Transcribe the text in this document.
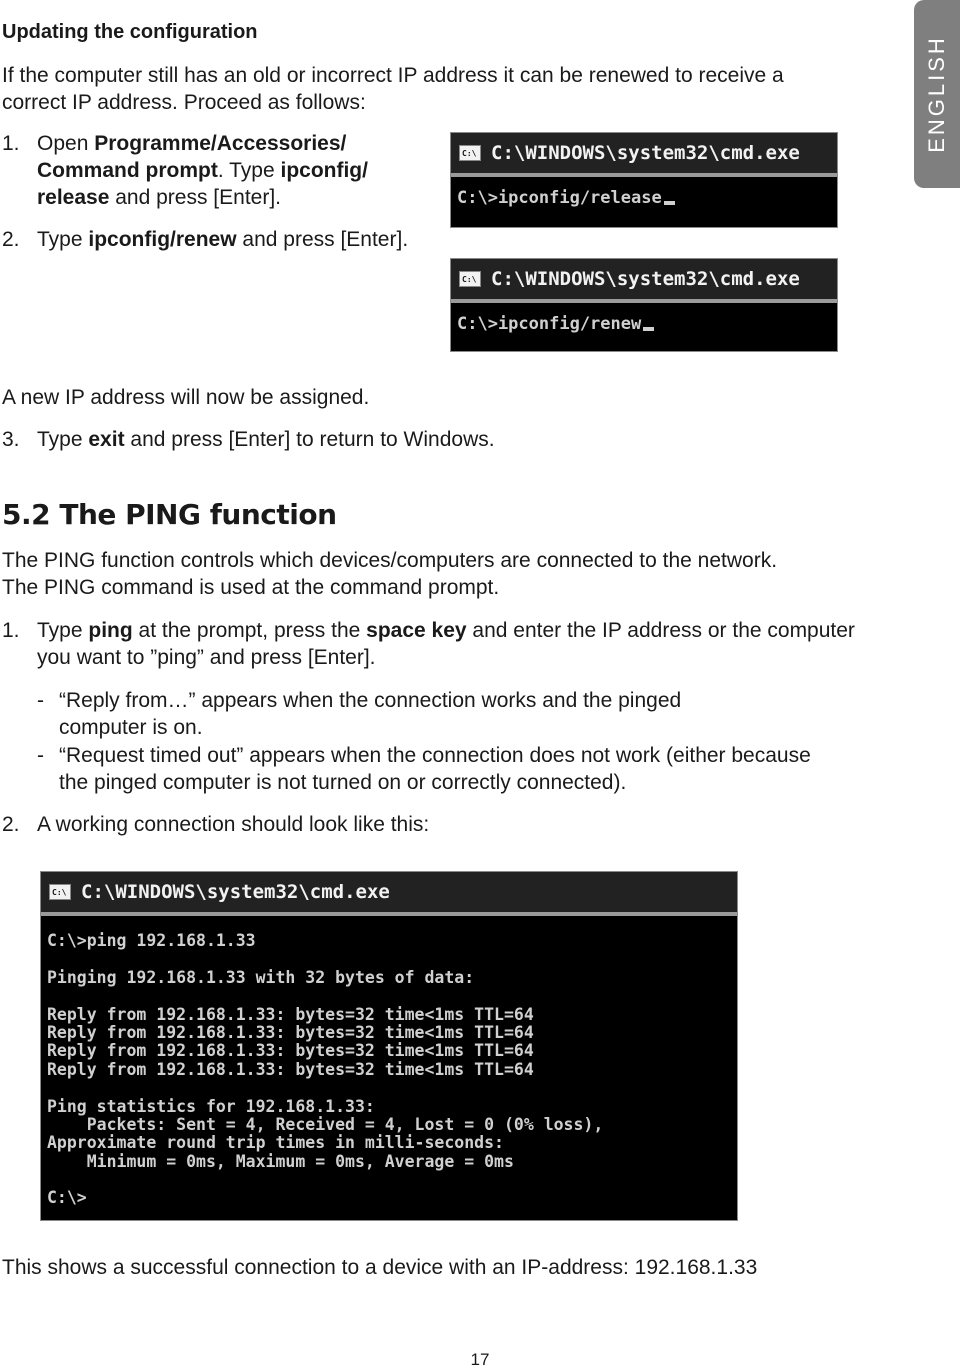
ENGLISH
Updating the configuration

If the computer still has an old or incorrect IP address it can be renewed to receive a correct IP address. Proceed as follows:

1. Open Programme/Accessories/ Command prompt. Type ipconfig/ release and press [Enter].

2. Type ipconfig/renew and press [Enter].

C:\ C:\WINDOWS\system32\cmd.exe
C:\>ipconfig/release
C:\ C:\WINDOWS\system32\cmd.exe
C:\>ipconfig/renew

A new IP address will now be assigned.

3. Type exit and press [Enter] to return to Windows.

5.2 The PING function

The PING function controls which devices/computers are connected to the network. The PING command is used at the command prompt.

1. Type ping at the prompt, press the space key and enter the IP address or the computer you want to ”ping” and press [Enter].

- “Reply from…” appears when the connection works and the pinged computer is on.

- “Request timed out” appears when the connection does not work (either because the pinged computer is not turned on or correctly connected).

2. A working connection should look like this:

C:\ C:\WINDOWS\system32\cmd.exe
C:\>ping 192.168.1.33
Pinging 192.168.1.33 with 32 bytes of data:
Reply from 192.168.1.33: bytes=32 time<1ms TTL=64
Reply from 192.168.1.33: bytes=32 time<1ms TTL=64
Reply from 192.168.1.33: bytes=32 time<1ms TTL=64
Reply from 192.168.1.33: bytes=32 time<1ms TTL=64
Ping statistics for 192.168.1.33:
Packets: Sent = 4, Received = 4, Lost = 0 (0% loss),
Approximate round trip times in milli-seconds:
Minimum = 0ms, Maximum = 0ms, Average = 0ms
C:\>

This shows a successful connection to a device with an IP-address: 192.168.1.33

17
